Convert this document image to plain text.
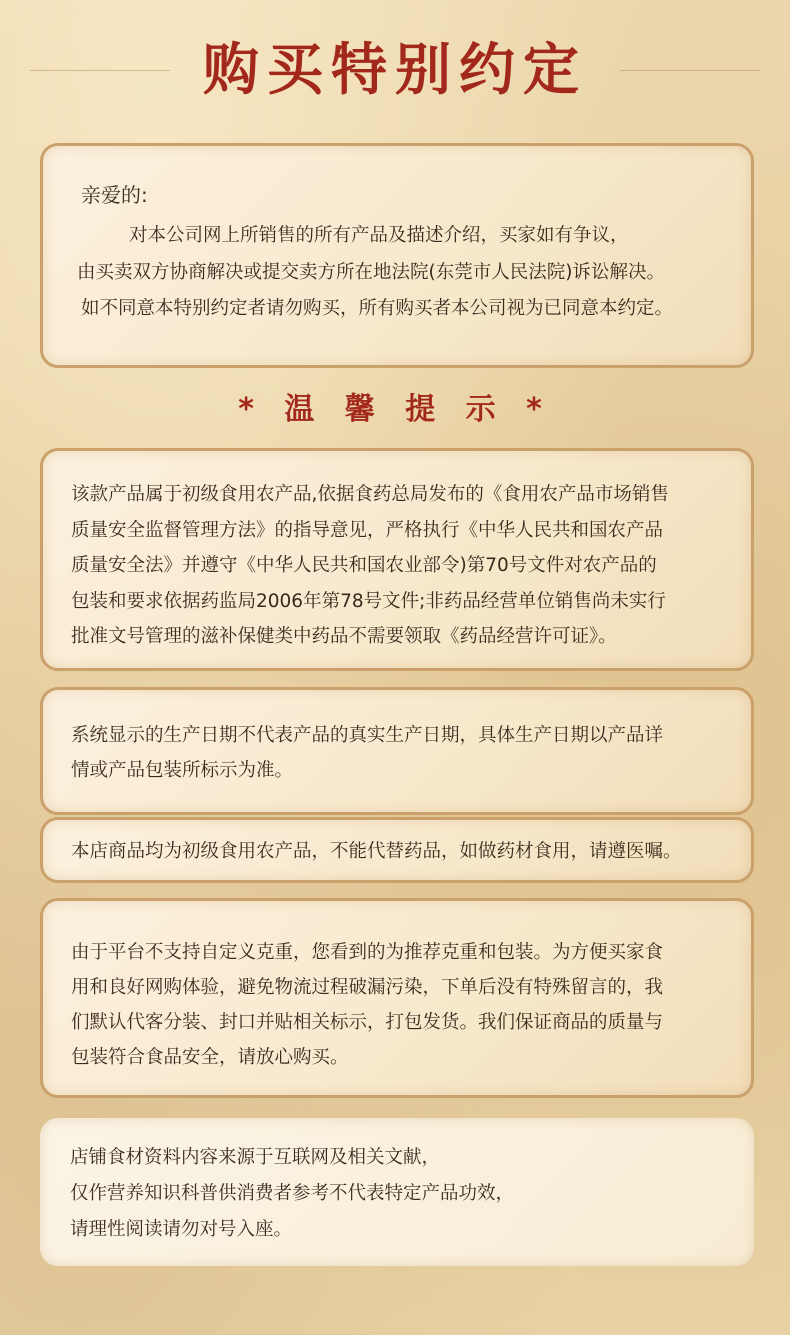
购买特别约定

亲爱的:

对本公司网上所销售的所有产品及描述介绍，买家如有争议，

由买卖双方协商解决或提交卖方所在地法院(东莞市人民法院)诉讼解决。

如不同意本特别约定者请勿购买，所有购买者本公司视为已同意本约定。

* 温 馨 提 示 *

该款产品属于初级食用农产品,依据食药总局发布的《食用农产品市场销售

质量安全监督管理方法》的指导意见，严格执行《中华人民共和国农产品

质量安全法》并遵守《中华人民共和国农业部令)第70号文件对农产品的

包装和要求依据药监局2006年第78号文件;非药品经营单位销售尚未实行

批准文号管理的滋补保健类中药品不需要领取《药品经营许可证》。

系统显示的生产日期不代表产品的真实生产日期，具体生产日期以产品详

情或产品包装所标示为准。

本店商品均为初级食用农产品，不能代替药品，如做药材食用，请遵医嘱。

由于平台不支持自定义克重，您看到的为推荐克重和包装。为方便买家食

用和良好网购体验，避免物流过程破漏污染，下单后没有特殊留言的，我

们默认代客分装、封口并贴相关标示，打包发货。我们保证商品的质量与

包装符合食品安全，请放心购买。

店铺食材资料内容来源于互联网及相关文献，

仅作营养知识科普供消费者参考不代表特定产品功效，

请理性阅读请勿对号入座。
